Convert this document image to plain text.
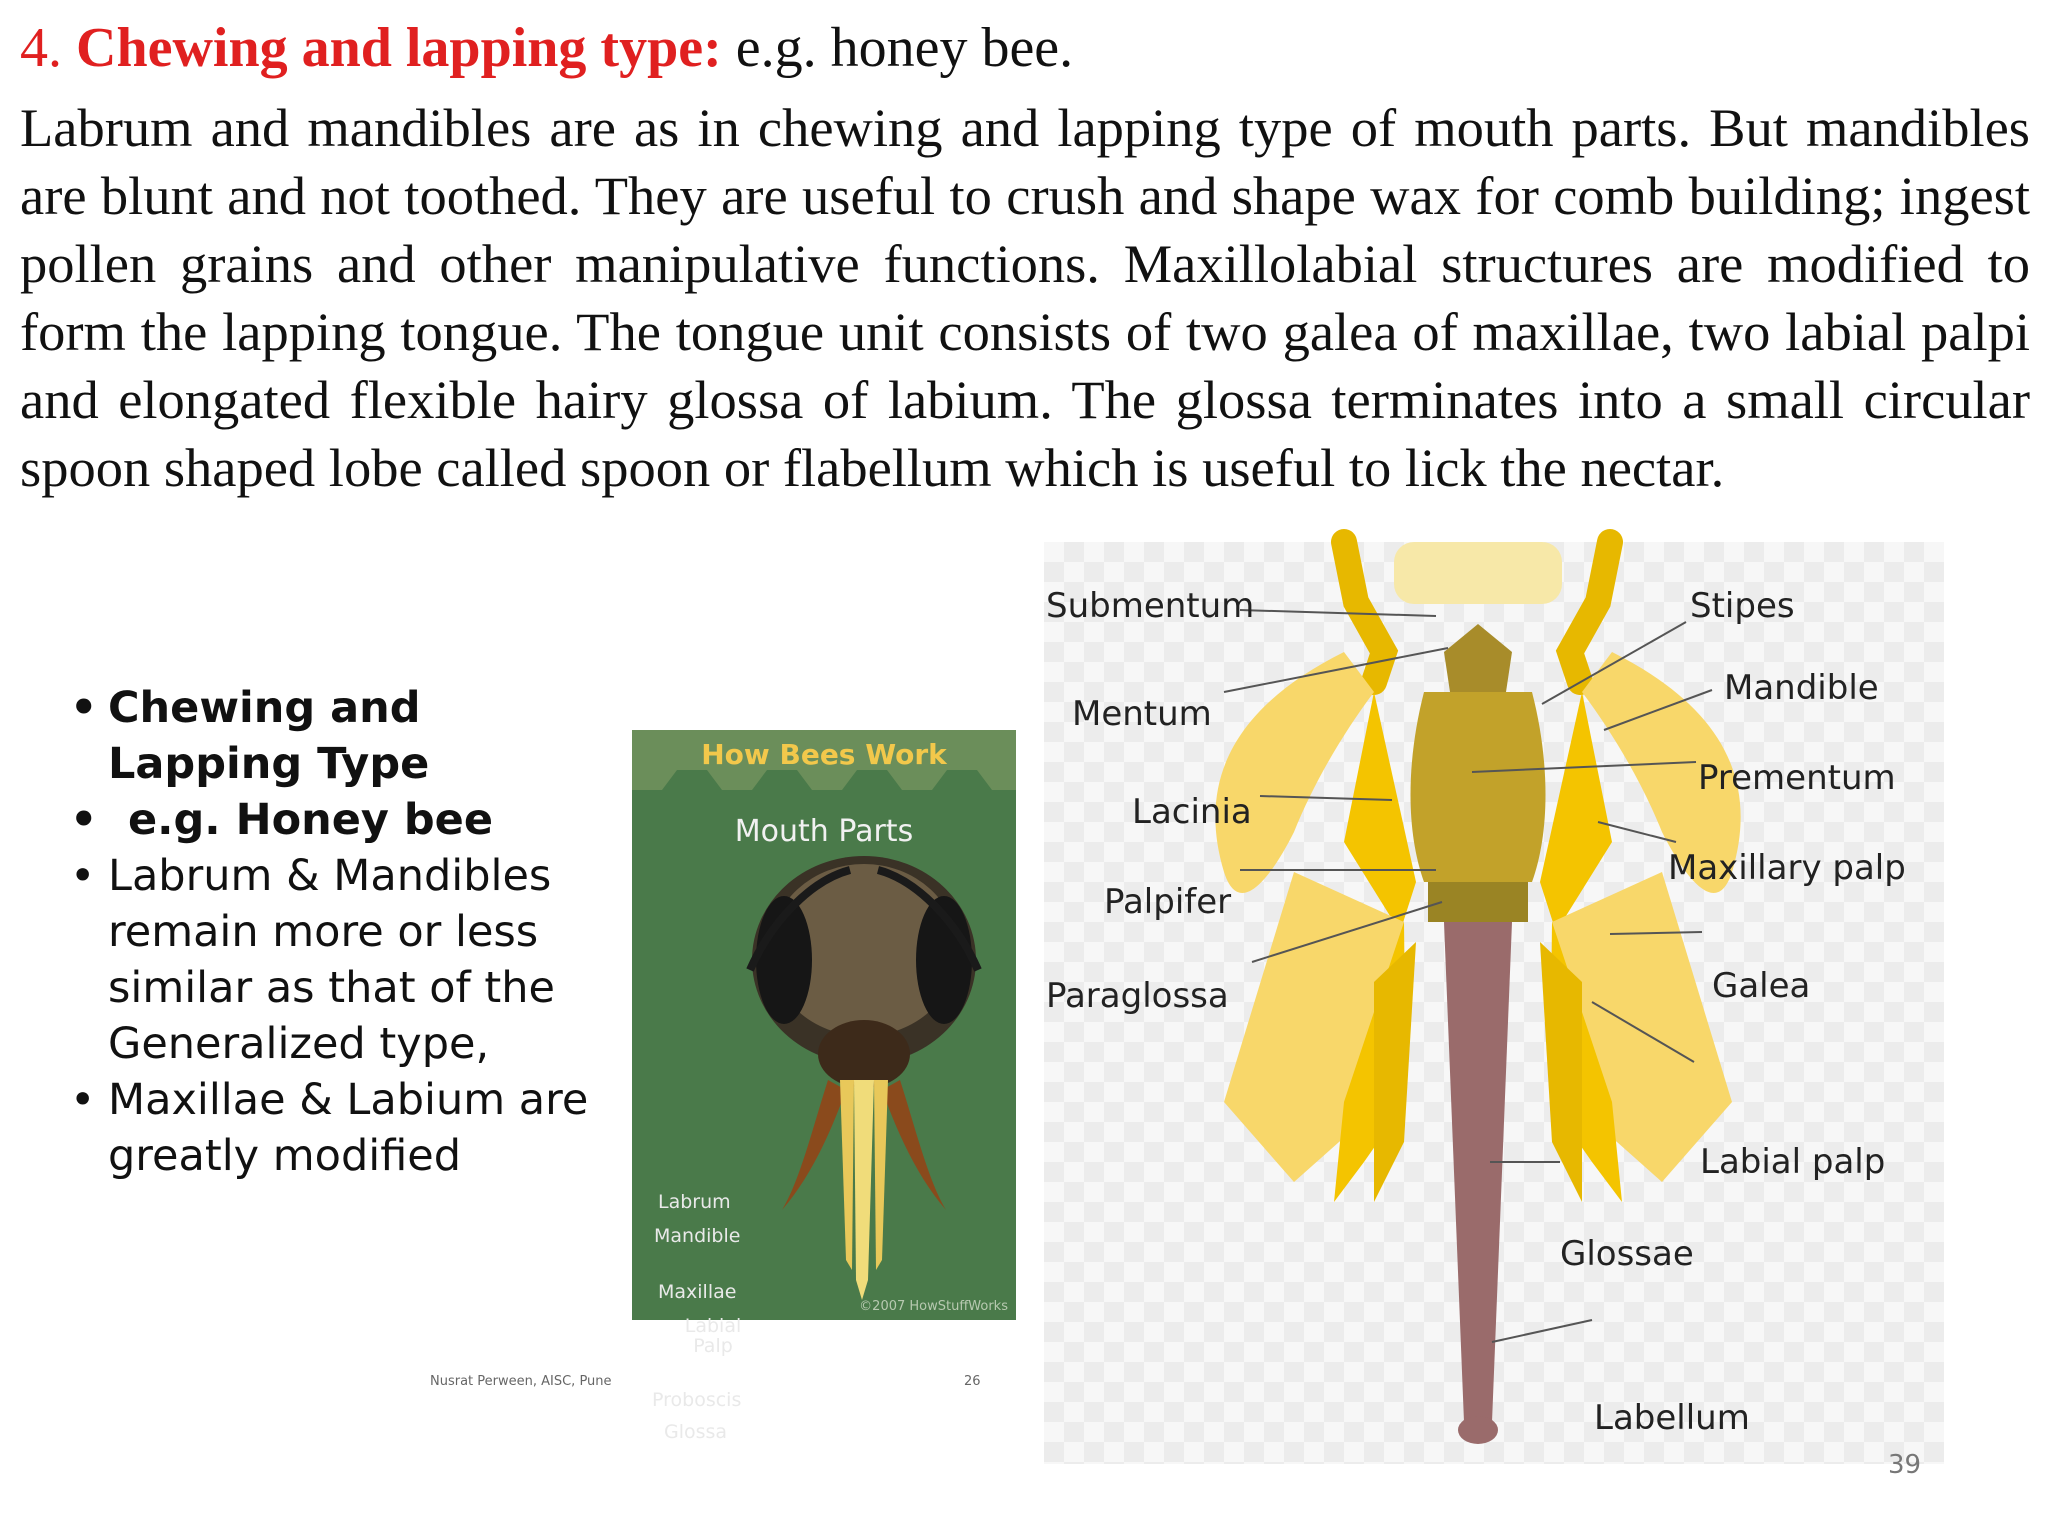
4. Chewing and lapping type: e.g. honey bee.
Labrum and mandibles are as in chewing and lapping type of mouth parts. But mandibles are blunt and not toothed. They are useful to crush and shape wax for comb building; ingest pollen grains and other manipulative functions. Maxillolabial structures are modified to form the lapping tongue. The tongue unit consists of two galea of maxillae, two labial palpi and elongated flexible hairy glossa of labium. The glossa terminates into a small circular spoon shaped lobe called spoon or flabellum which is useful to lick the nectar.
• Chewing and Lapping Type
• e.g. Honey bee
• Labrum & Mandibles remain more or less similar as that of the Generalized type,
• Maxillae & Labium are greatly modified
How Bees Work
Mouth Parts
Labrum
Mandible
Maxillae
Labial Palp
Proboscis
Glossa
©2007 HowStuffWorks
Nusrat Perween, AISC, Pune	26
Submentum
Mentum
Lacinia
Palpifer
Paraglossa
Stipes
Mandible
Prementum
Maxillary palp
Galea
Labial palp
Glossae
Labellum
39
